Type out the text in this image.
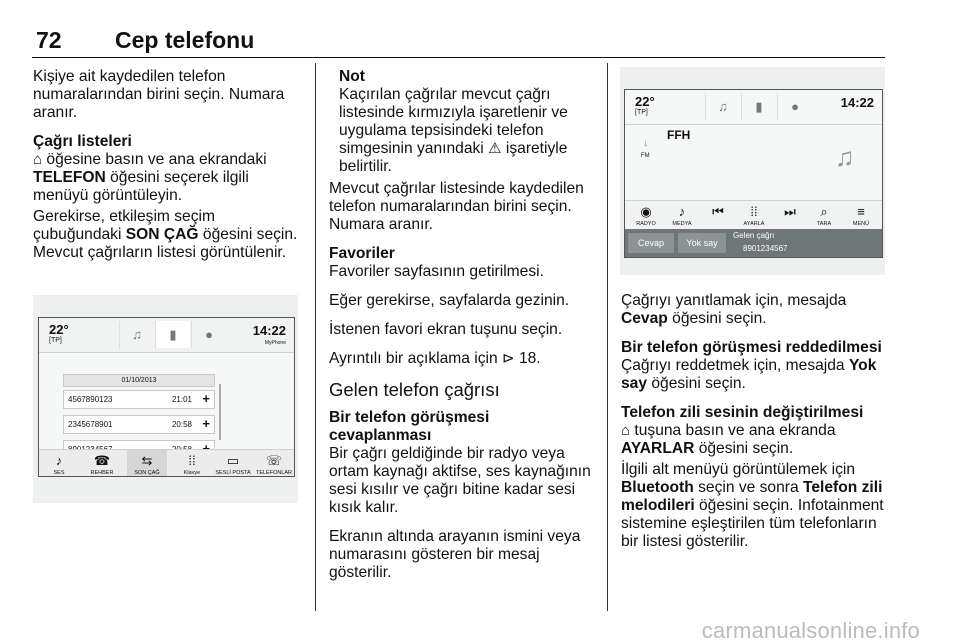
72 Cep telefonu

Kişiye ait kaydedilen telefon numaralarından birini seçin. Numara aranır.

Çağrı listeleri

⌂ öğesine basın ve ana ekrandaki TELEFON öğesini seçerek ilgili menüyü görüntüleyin.

Gerekirse, etkileşim seçim çubuğundaki SON ÇAĞ öğesini seçin. Mevcut çağrıların listesi görüntülenir.

22°
[TP]	♫	▮	●	14:22
MyPhone
01/10/2013
4567890123	21:01 +
2345678901	20:58 +
♪
SES
☎
REHBER
⇆
SON ÇAĞ
⁞⁞
Klavye
▭
SESLİ POSTA
☏
TELEFONLAR
Not

Kaçırılan çağrılar mevcut çağrı listesinde kırmızıyla işaretlenir ve uygulama tepsisindeki telefon simgesinin yanındaki ⚠ işaretiyle belirtilir.

Mevcut çağrılar listesinde kaydedilen telefon numaralarından birini seçin. Numara aranır.

Favoriler

Favoriler sayfasının getirilmesi.

Eğer gerekirse, sayfalarda gezinin.

İstenen favori ekran tuşunu seçin.

Ayrıntılı bir açıklama için ⊳ 18.

Gelen telefon çağrısı
Bir telefon görüşmesi cevaplanması

Bir çağrı geldiğinde bir radyo veya ortam kaynağı aktifse, ses kaynağının sesi kısılır ve çağrı bitine kadar sesi kısık kalır.

Ekranın altında arayanın ismini veya numarasını gösteren bir mesaj gösterilir.

22°
[TP]	♫	▮	●	14:22
FFH
FM
↓	♫
◉
RADYO
♪
MEDYA
⏮	⁞⁞
AYARLA
⏭	⌕
TARA
≡
MENÜ
Cevap	Yok say
Gelen çağrı
8901234567

Çağrıyı yanıtlamak için, mesajda Cevap öğesini seçin.

Bir telefon görüşmesi reddedilmesi

Çağrıyı reddetmek için, mesajda Yok say öğesini seçin.

Telefon zili sesinin değiştirilmesi

⌂ tuşuna basın ve ana ekranda AYARLAR öğesini seçin.

İlgili alt menüyü görüntülemek için Bluetooth seçin ve sonra Telefon zili melodileri öğesini seçin. Infotainment sistemine eşleştirilen tüm telefonların bir listesi gösterilir.

carmanualsonline.info
